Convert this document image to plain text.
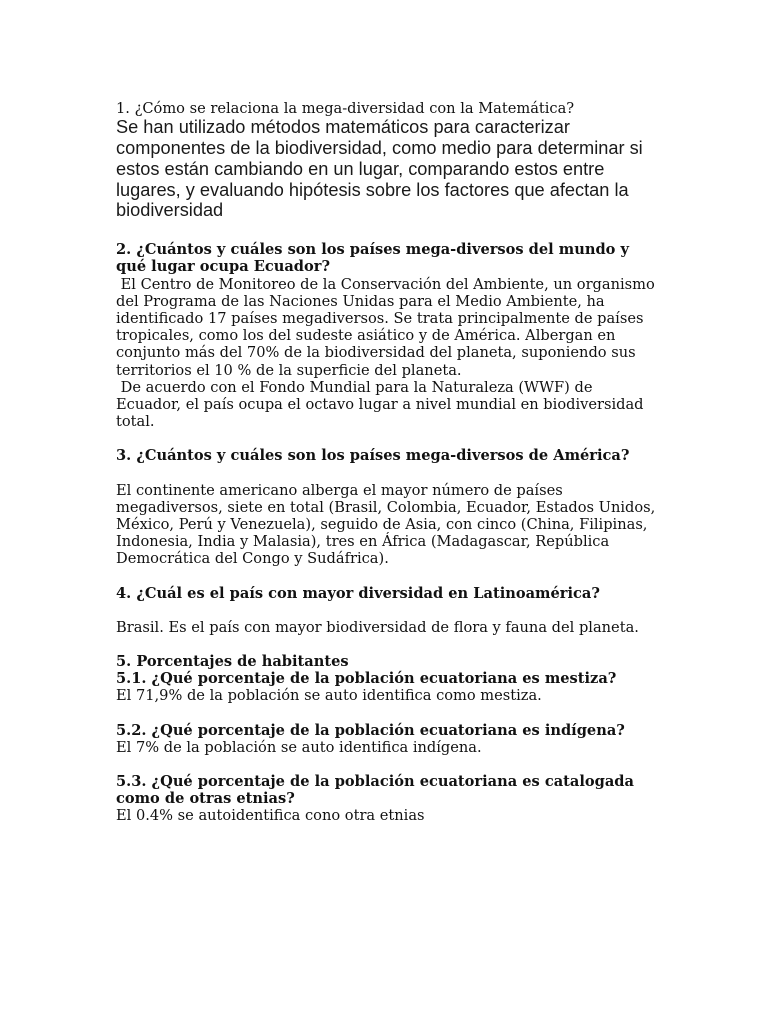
1. ¿Cómo se relaciona la mega-diversidad con la Matemática?

Se han utilizado métodos matemáticos para caracterizar componentes de la biodiversidad, como medio para determinar si estos están cambiando en un lugar, comparando estos entre lugares, y evaluando hipótesis sobre los factores que afectan la biodiversidad

2. ¿Cuántos y cuáles son los países mega-diversos del mundo y qué lugar ocupa Ecuador?

El Centro de Monitoreo de la Conservación del Ambiente, un organismo del Programa de las Naciones Unidas para el Medio Ambiente, ha identificado 17 países megadiversos. Se trata principalmente de países tropicales, como los del sudeste asiático y de América. Albergan en conjunto más del 70% de la biodiversidad del planeta, suponiendo sus territorios el 10 % de la superficie del planeta.

De acuerdo con el Fondo Mundial para la Naturaleza (WWF) de Ecuador, el país ocupa el octavo lugar a nivel mundial en biodiversidad total.

3. ¿Cuántos y cuáles son los países mega-diversos de América?

El continente americano alberga el mayor número de países megadiversos, siete en total (Brasil, Colombia, Ecuador, Estados Unidos, México, Perú y Venezuela), seguido de Asia, con cinco (China, Filipinas, Indonesia, India y Malasia), tres en África (Madagascar, República Democrática del Congo y Sudáfrica).

4. ¿Cuál es el país con mayor diversidad en Latinoamérica?

Brasil. Es el país con mayor biodiversidad de flora y fauna del planeta.

5. Porcentajes de habitantes

5.1. ¿Qué porcentaje de la población ecuatoriana es mestiza?

El 71,9% de la población se auto identifica como mestiza.

5.2. ¿Qué porcentaje de la población ecuatoriana es indígena?

El 7% de la población se auto identifica indígena.

5.3. ¿Qué porcentaje de la población ecuatoriana es catalogada como de otras etnias?

El 0.4% se autoidentifica cono otra etnias
